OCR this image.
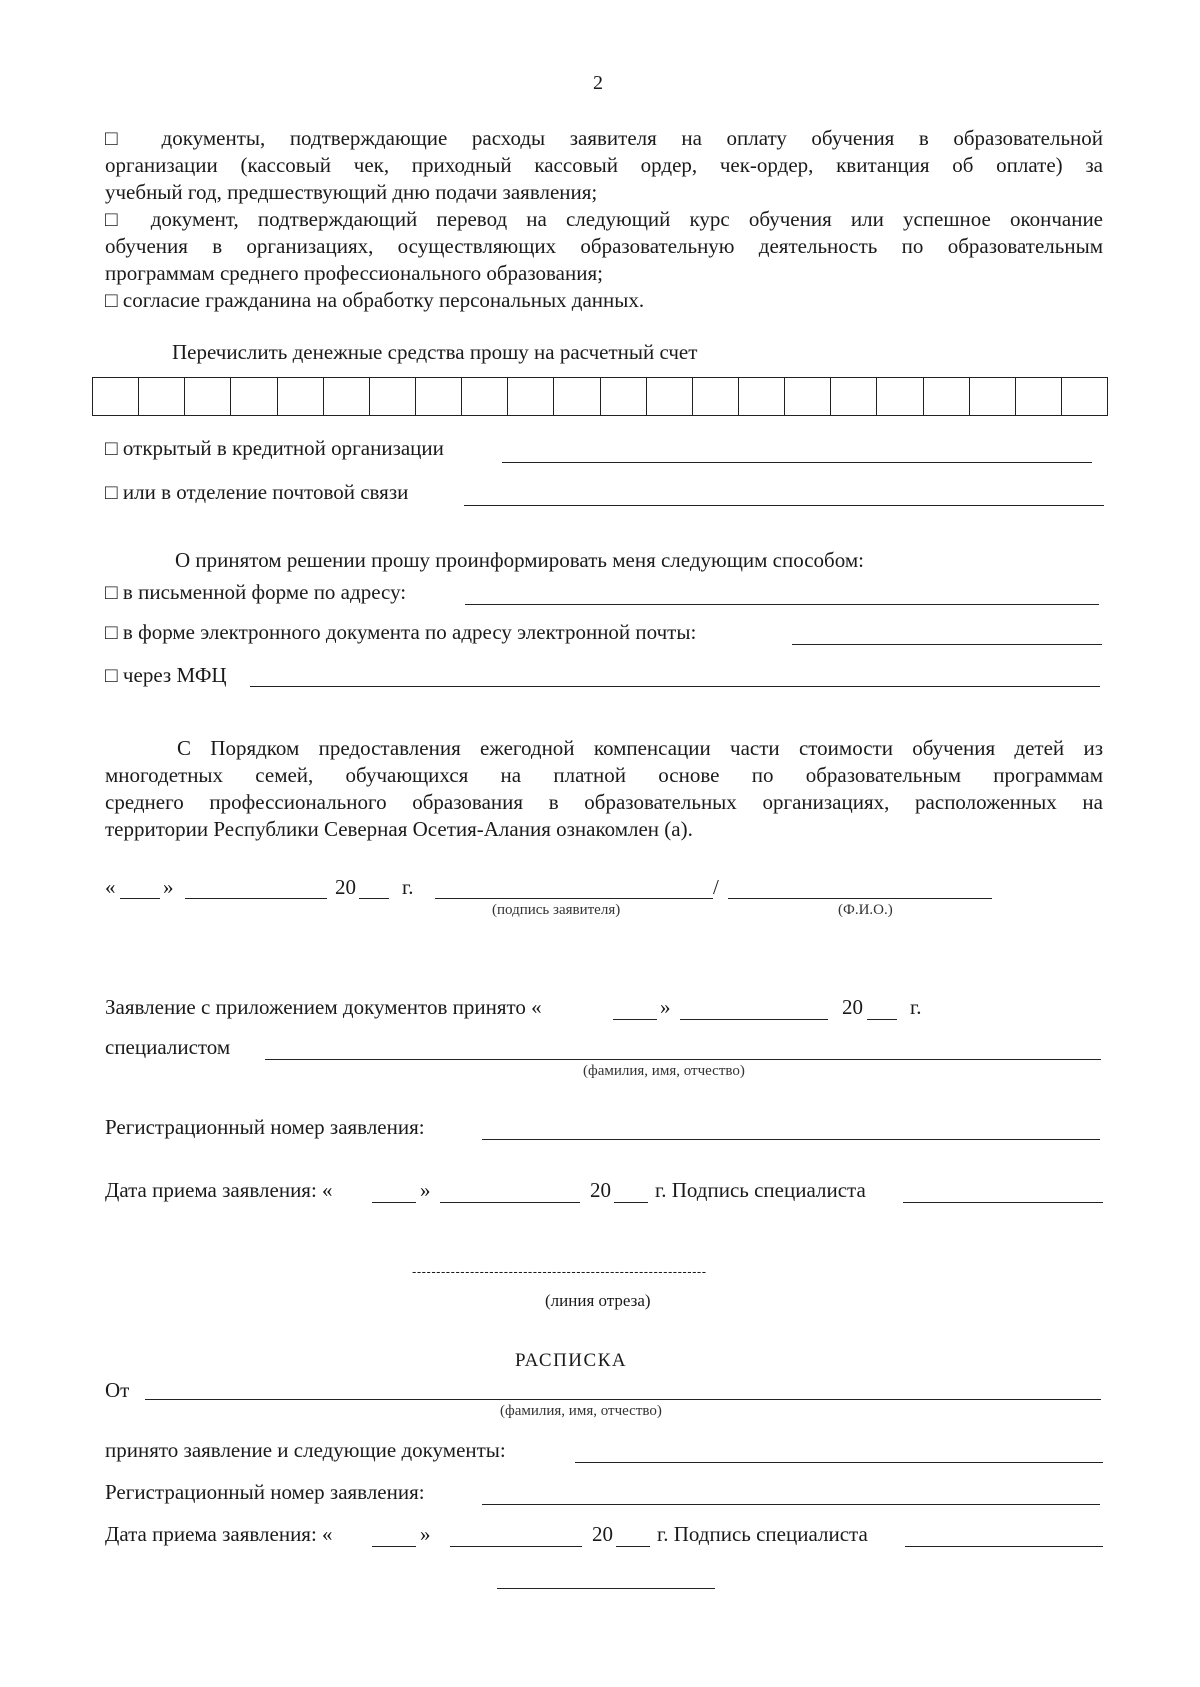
2
□ документы, подтверждающие расходы заявителя на оплату обучения в образовательной
организации (кассовый чек, приходный кассовый ордер, чек-ордер, квитанция об оплате) за
учебный год, предшествующий дню подачи заявления;
□ документ, подтверждающий перевод на следующий курс обучения или успешное окончание
обучения в организациях, осуществляющих образовательную деятельность по образовательным
программам среднего профессионального образования;
□ согласие гражданина на обработку персональных данных.
Перечислить денежные средства прошу на расчетный счет
□ открытый в кредитной организации
□ или в отделение почтовой связи
О принятом решении прошу проинформировать меня следующим способом:
□ в письменной форме по адресу:
□ в форме электронного документа по адресу электронной почты:
□ через МФЦ
С Порядком предоставления ежегодной компенсации части стоимости обучения детей из
многодетных семей, обучающихся на платной основе по образовательным программам
среднего профессионального образования в образовательных организациях, расположенных на
территории Республики Северная Осетия-Алания ознакомлен (а).
« »	20 г.	/
(подпись заявителя)	(Ф.И.О.)
Заявление с приложением документов принято «	»	20 г.
специалистом
(фамилия, имя, отчество)
Регистрационный номер заявления:
Дата приема заявления: «	»	20 г. Подпись специалиста
-------------------------------------------------------------
(линия отреза)
РАСПИСКА
От
(фамилия, имя, отчество)
принято заявление и следующие документы:
Регистрационный номер заявления:
Дата приема заявления: «	»	20 г. Подпись специалиста
